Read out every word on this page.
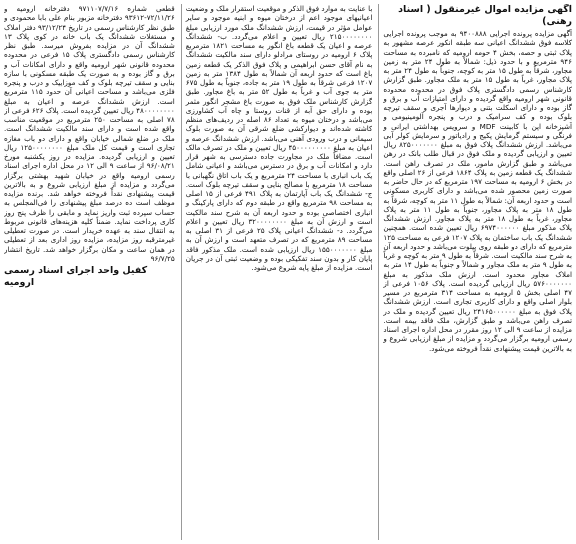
آگهی مزایده اموال غیرمنقول ( اسناد رهنی)

آگهی مزایده پرونده اجرایی ۹۴۰۰۸۸۸ به موجب پرونده اجرایی کلاسه فوق ششدانگ اعیانی سه طبقه انکور عرصه مشهور به پلاک ثبتی و حصه، بخش ۴ حومه ارومیه که نامبرده به مساحت ۹۴۶ مترمربع و با حدود ذیل: شمالاً به طول ۲۴ متر به زمین مجاور، شرقاً به طول ۱۵ متر به کوچه، جنوباً به طول ۲۴ متر به پلاک مجاور، غرباً به طول ۱۵ متر به ملک مجاور. طبق گزارش کارشناس رسمی دادگستری پلاک فوق در محدوده محدوده قانونی شهر ارومیه واقع گردیده و دارای امتیازات آب و برق و گاز بوده و دارای اسکلت بتنی و دیوارها آجری و سقف تیرچه بلوک بوده و کف سرامیک و درب و پنجره آلومینیومی و آشپزخانه اپن با کابینت MDF و سرویس بهداشتی ایرانی و فرنگی و سیستم گرمایش پکیج و رادیاتور و سرمایش کولر آبی می‌باشد. ارزش ششدانگ پلاک فوق به مبلغ ۸۲۵۰۰۰۰۰۰۰ ریال تعیین و ارزیابی گردیده و ملک فوق در قبال طلب بانک در رهن می‌باشد و طبق گزارش مامور، ملک در تصرف راهن است. ششدانگ یک قطعه زمین به پلاک ۱۸۶۴ فرعی از ۲۶ اصلی واقع در بخش ۶ ارومیه به مساحت ۱۹۷ مترمربع که در حال حاضر به صورت زمین محصور شده می‌باشد و دارای کاربری مسکونی است و حدود اربعه آن: شمالاً به طول ۱۱ متر به کوچه، شرقاً به طول ۱۸ متر به پلاک مجاور، جنوباً به طول ۱۱ متر به پلاک مجاور، غرباً به طول ۱۸ متر به پلاک مجاور. ارزش ششدانگ پلاک مذکور مبلغ ۶۹۷۴۰۰۰۰۰۰ ریال تعیین شده است. همچنین ششدانگ یک باب ساختمان به پلاک ۱۲۰۷ فرعی به مساحت ۱۲۵ مترمربع که دارای دو طبقه روی پیلوت می‌باشد و حدود اربعه آن به شرح سند مالکیت است. شرقاً به طول ۹ متر به کوچه و غرباً به طول ۹ متر به ملک مجاور و شمالاً و جنوباً به طول ۱۴ متر به املاک مجاور محدود است. ارزش ملک مذکور به مبلغ ۵۷۶۰۰۰۰۰۰۰ ریال ارزیابی گردیده است. پلاک ۱۰۵۶ فرعی از ۴۷ اصلی بخش ۵ ارومیه به مساحت ۳۱۴ مترمربع در مسیر بلوار اصلی واقع و دارای کاربری تجاری است. ارزش ششدانگ پلاک فوق به مبلغ ۲۴۱۶۵۰۰۰۰۰۰ ریال تعیین گردیده و ملک در تصرف راهن می‌باشد و طبق گزارش، ملک فاقد بیمه است. مزایده از ساعت ۹ الی ۱۲ روز مقرر در محل اداره اجرای اسناد رسمی ارومیه برگزار می‌گردد و مزایده از مبلغ ارزیابی شروع و به بالاترین قیمت پیشنهادی نقداً فروخته می‌شود.

با عنایت به موارد فوق الذکر و موقعیت استقرار ملک و وضعیت اعیانیهای موجود اعم از درختان میوه و ابنیه موجود و سایر عوامل مؤثر در قیمت، ارزش ششدانگ ملک مورد ارزیابی مبلغ ۲۱۵۰۰۰۰۰۰۰۰ ریال تعیین و اعلام می‌گردد. ب- ششدانگ عرصه و اعیان یک قطعه باغ انگور به مساحت ۱۸۲۱ مترمربع پلاک ۶ ارومیه در روستای مرادلو دارای سند مالکیت ششدانگ به نام آقای حسن ابراهیمی و پلاک فوق الذکر یک قطعه زمین باغ است که حدود اربعه آن شمالاً به طول ۱۳۸۴ متر به زمین ۱۲۰۷ فرعی شرقاً به طول ۱۹ متر به جاده، جنوباً به طول ۶۷۵ متر به جوی آب و غرباً به طول ۵۲ متر به باغ مجاور. طبق گزارش کارشناس ملک فوق به صورت باغ مشجر انگور مثمر بوده و دارای حق آبه از قنات روستا و چاه آب کشاورزی می‌باشد و درختان میوه به تعداد ۸۶ اصله در ردیف‌های منظم کاشته شده‌اند و دیوارکشی ضلع شرقی آن به صورت بلوک سیمانی و درب ورودی آهنی می‌باشد. ارزش ششدانگ عرصه و اعیان به مبلغ ۴۵۰۰۰۰۰۰۰۰۰ ریال تعیین و ملک در تصرف مالک است. مضافاً ملک در مجاورت جاده دسترسی به شهر قرار دارد و امکانات آب و برق در دسترس می‌باشد و اعیانی شامل یک باب انباری با مساحت ۲۴ مترمربع و یک باب اتاق نگهبانی با مساحت ۱۸ مترمربع با مصالح بنایی و سقف تیرچه بلوک است. ج- ششدانگ یک باب آپارتمان به پلاک ۴۹۱ فرعی از ۱۵ اصلی به مساحت ۹۸ مترمربع واقع در طبقه دوم که دارای پارکینگ و انباری اختصاصی بوده و حدود اربعه آن به شرح سند مالکیت است و ارزش آن به مبلغ ۳۲۰۰۰۰۰۰۰۰ ریال تعیین و اعلام می‌گردد. د- ششدانگ اعیانی پلاک ۲۵ فرعی از ۳۱ اصلی به مساحت ۸۹ مترمربع که در تصرف متعهد است و ارزش آن به مبلغ ۱۵۵۰۰۰۰۰۰۰ ریال ارزیابی شده است. ملک مذکور فاقد پایان کار و بدون سند تفکیکی بوده و وضعیت ثبتی آن در جریان است. مزایده از مبلغ پایه شروع می‌شود.

قطعی شماره ۹۷۱۱۰۷/۷/۱۶ دفترخانه ارومیه و ۷۲/۱۱/۲۶-۹۳۶۱۲ دفترخانه مزبور بنام علی بابا محمودی و طبق نظر کارشناس رسمی در تاریخ ۹۳/۱۲/۲۴ دفتر املاک و مستغلات ششدانگ یک باب خانه در کوی پلاک ۱۳ ششدانگ آن در مزایده بفروش میرسد. طبق نظر کارشناس رسمی دادگستری پلاک ۱۵ فرعی در محدوده محدوده قانونی شهر ارومیه واقع و دارای امکانات آب و برق و گاز بوده و به صورت یک طبقه مسکونی با سازه بنایی و سقف تیرچه بلوک و کف موزاییک و درب و پنجره فلزی می‌باشد و مساحت اعیانی آن حدود ۱۱۵ مترمربع است. ارزش ششدانگ عرصه و اعیان به مبلغ ۴۸۰۰۰۰۰۰۰۰ ریال تعیین گردیده است. پلاک ۶۲۶ فرعی از ۷۸ اصلی به مساحت ۲۵۰ مترمربع در موقعیت مناسب واقع شده است و دارای سند مالکیت ششدانگ است. ملک در ضلع شمالی خیابان واقع و دارای دو باب مغازه تجاری است و قیمت کل ملک مبلغ ۱۲۵۰۰۰۰۰۰۰۰ ریال تعیین و ارزیابی گردیده. مزایده در روز یکشنبه مورخ ۹۶/۰۸/۲۱ از ساعت ۹ الی ۱۲ در محل اداره اجرای اسناد رسمی ارومیه واقع در خیابان شهید بهشتی برگزار می‌گردد و مزایده از مبلغ ارزیابی شروع و به بالاترین قیمت پیشنهادی نقداً فروخته خواهد شد. برنده مزایده موظف است ده درصد مبلغ پیشنهادی را فی‌المجلس به حساب سپرده ثبت واریز نماید و مابقی را ظرف پنج روز کاری پرداخت نماید. ضمناً کلیه هزینه‌های قانونی مربوط به انتقال سند به عهده خریدار است. در صورت تعطیلی غیرمترقبه روز مزایده، مزایده روز اداری بعد از تعطیلی در همان ساعت و مکان برگزار خواهد شد. تاریخ انتشار ۹۶/۷/۲۵

کفیل واحد اجرای اسناد رسمی ارومیه
